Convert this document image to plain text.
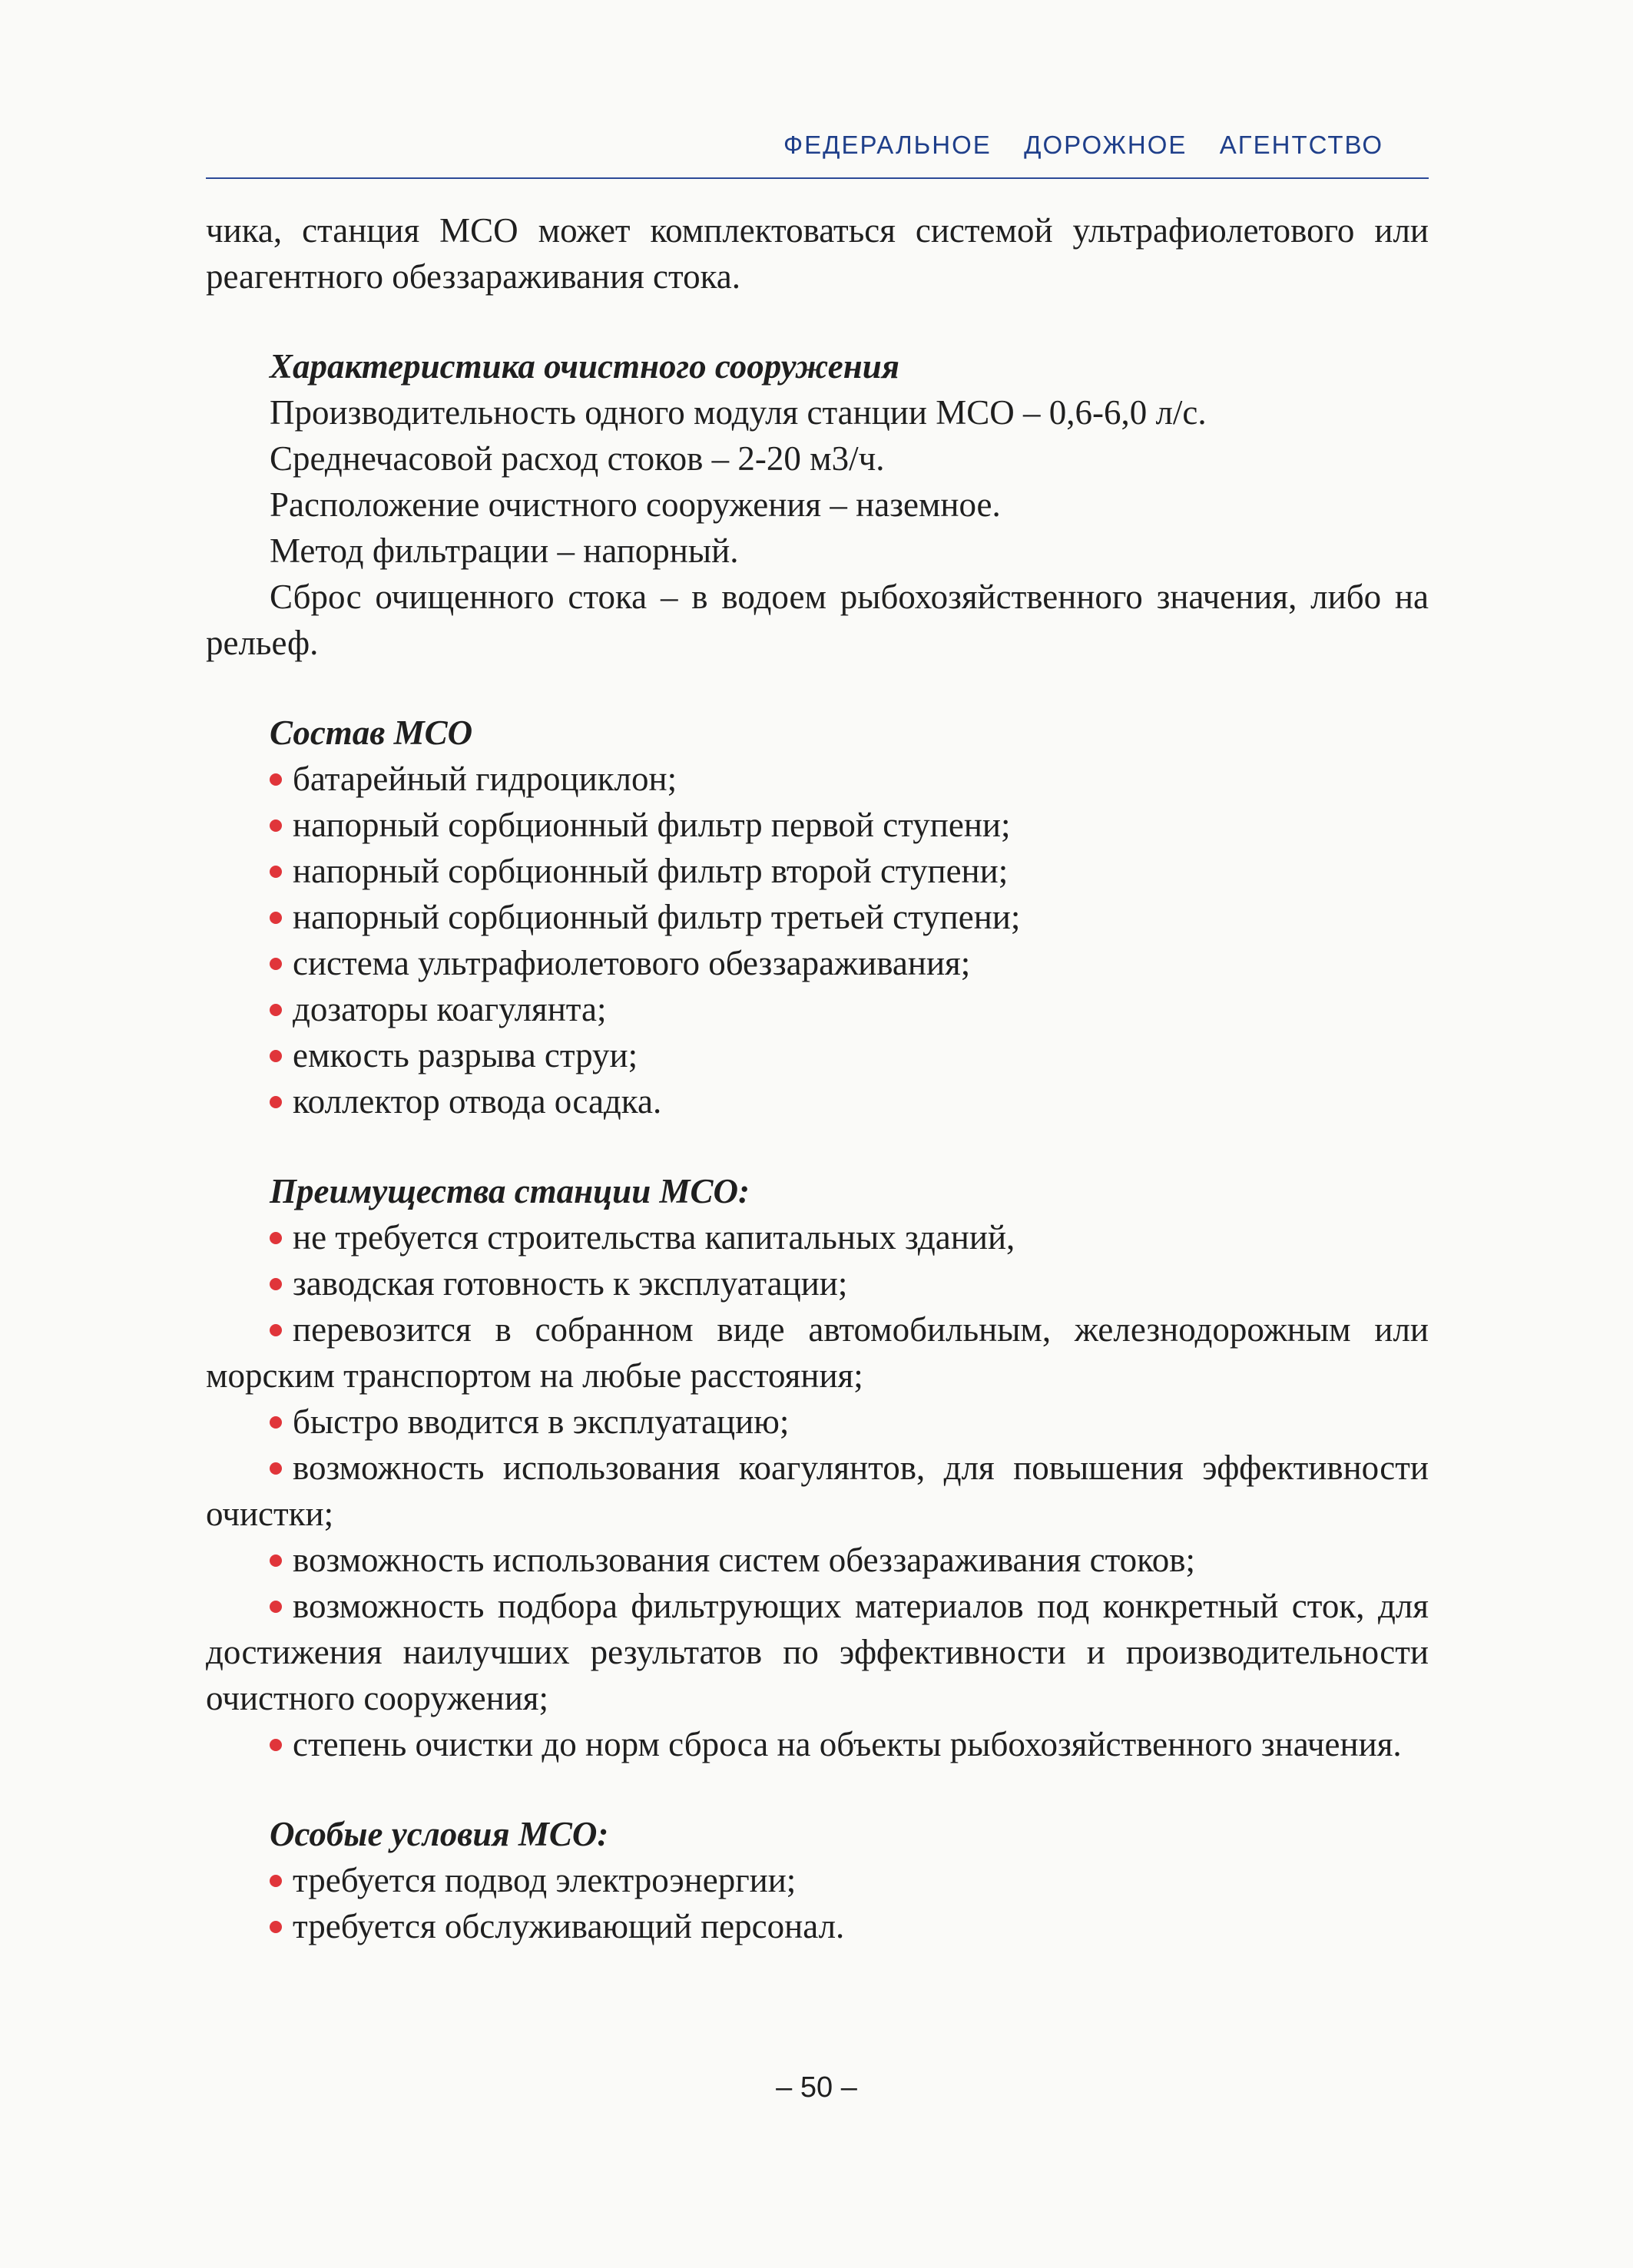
ФЕДЕРАЛЬНОЕ  ДОРОЖНОЕ  АГЕНТСТВО

чика, станция МСО может комплектоваться системой ультрафиолетового или реагентного обеззараживания стока.

Характеристика очистного сооружения

Производительность одного модуля станции МСО – 0,6-6,0 л/с.

Среднечасовой расход стоков – 2-20 м3/ч.

Расположение очистного сооружения – наземное.

Метод фильтрации – напорный.

Сброс очищенного стока – в водоем рыбохозяйственного значения, либо на рельеф.

Состав МСО

батарейный гидроциклон;

напорный сорбционный фильтр первой ступени;

напорный сорбционный фильтр второй ступени;

напорный сорбционный фильтр третьей ступени;

система ультрафиолетового обеззараживания;

дозаторы коагулянта;

емкость разрыва струи;

коллектор отвода осадка.

Преимущества станции МСО:

не требуется строительства капитальных зданий,

заводская готовность к эксплуатации;

перевозится в собранном виде автомобильным, железнодорожным или морским транспортом на любые расстояния;

быстро вводится в эксплуатацию;

возможность использования коагулянтов, для повышения эффективности очистки;

возможность использования систем обеззараживания стоков;

возможность подбора фильтрующих материалов под конкретный сток, для достижения наилучших результатов по эффективности и производительности очистного сооружения;

степень очистки до норм сброса на объекты рыбохозяйственного значения.

Особые условия МСО:

требуется подвод электроэнергии;

требуется обслуживающий персонал.

– 50 –
